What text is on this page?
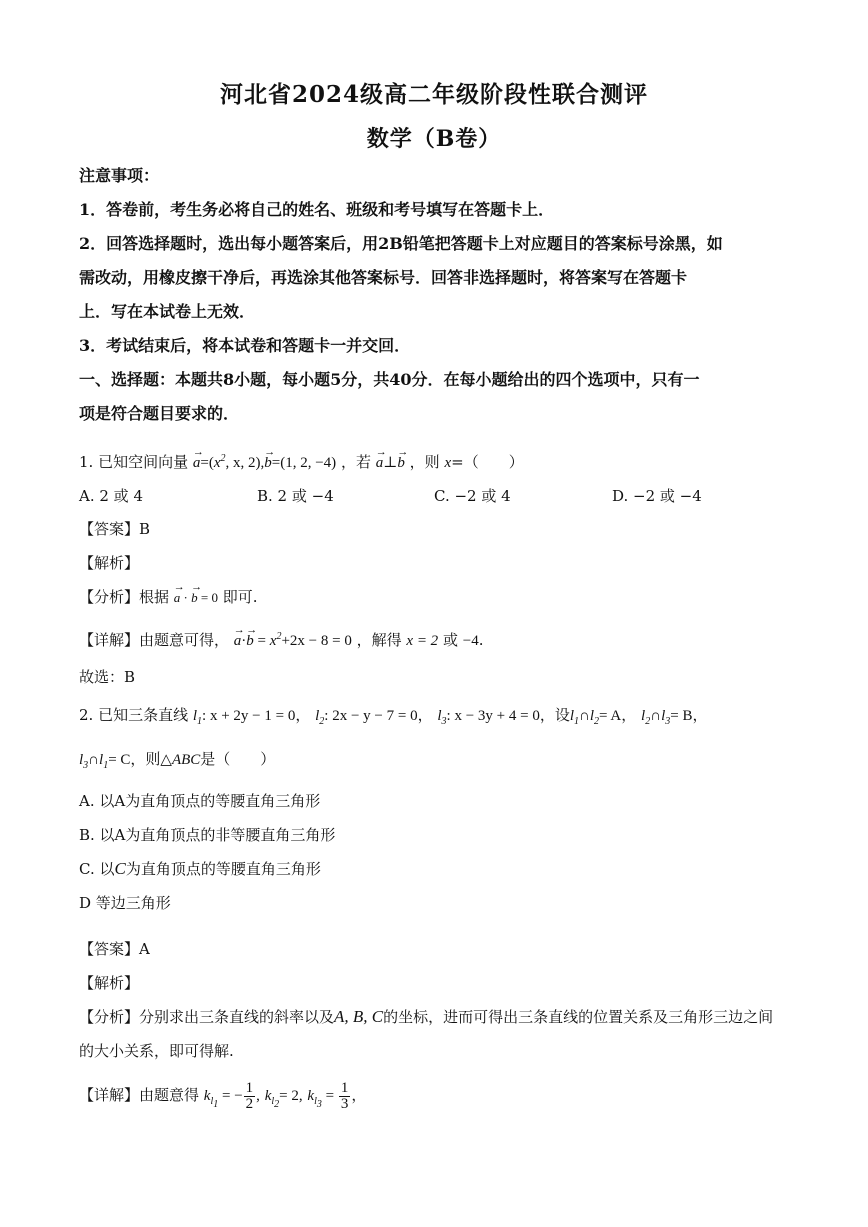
河北省2024级高二年级阶段性联合测评
数学（B卷）
注意事项：
1．答卷前，考生务必将自己的姓名、班级和考号填写在答题卡上．
2．回答选择题时，选出每小题答案后，用2B铅笔把答题卡上对应题目的答案标号涂黑，如
需改动，用橡皮擦干净后，再选涂其他答案标号．回答非选择题时，将答案写在答题卡
上．写在本试卷上无效．
3．考试结束后，将本试卷和答题卡一并交回．
一、选择题：本题共8小题，每小题5分，共40分．在每小题给出的四个选项中，只有一
项是符合题目要求的．
1. 已知空间向量 → $a=(x^2$, x, 2),→ b=(1, 2, −4) ，若 → a⊥→ b ，则 x=（　　）
A. 2 或 4	B. 2 或 −4	C. −2 或 4	D. −2 或 −4
【答案】B
【解析】
【分析】根据 → a · → b = 0 即可.
【详解】由题意可得， → $a\cdot\to b = x^2+2x - 8 = 0$ ，解得 x = 2 或 −4.
故选：B
2. 已知三条直线 $l_1$: x + 2y − 1 = 0， $l_2$: 2x − y − 7 = 0， $l_3$: x − 3y + 4 = 0，设$l_1\cap l_2= A$， $l_2\cap l_3= B$，
$l_3\cap l_1= C$，则△ABC是（　　）
A. 以A为直角顶点的等腰直角三角形
B. 以A为直角顶点的非等腰直角三角形
C. 以C为直角顶点的等腰直角三角形
D 等边三角形
【答案】A
【解析】
【分析】分别求出三条直线的斜率以及A, B, C的坐标，进而可得出三条直线的位置关系及三角形三边之间
的大小关系，即可得解.
【详解】由题意得 $k_{l_1}$ = − $\frac{1}{2}$ , $k_{l_2}= 2$, $k_{l_3} = \frac{1}{3}$ ，
